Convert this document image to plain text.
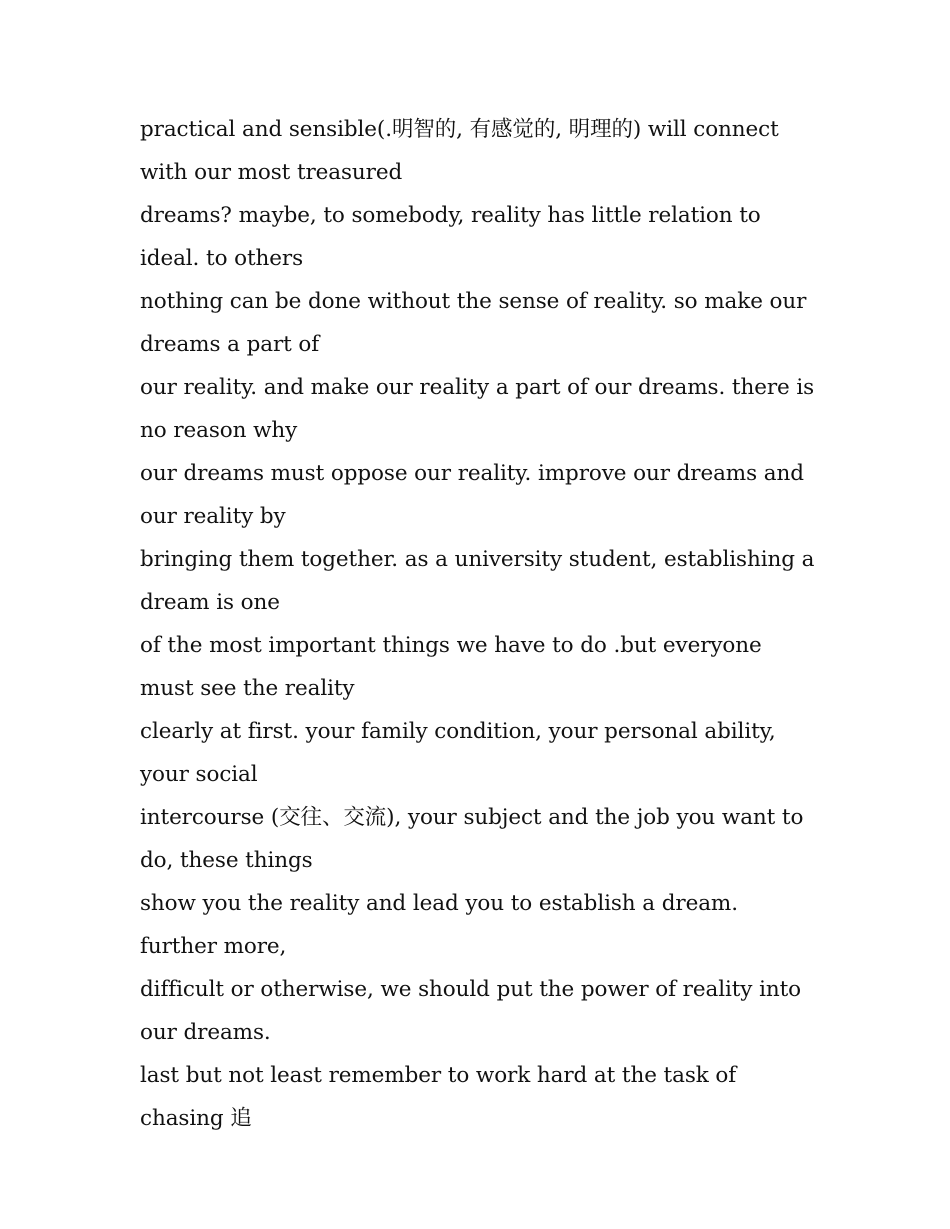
practical and sensible(.明智的, 有感觉的, 明理的) will connect with our most treasured

dreams? maybe, to somebody, reality has little relation to ideal. to others

nothing can be done without the sense of reality. so make our dreams a part of

our reality. and make our reality a part of our dreams. there is no reason why

our dreams must oppose our reality. improve our dreams and our reality by

bringing them together. as a university student, establishing a dream is one

of the most important things we have to do .but everyone must see the reality

clearly at first. your family condition, your personal ability, your social

intercourse (交往、交流), your subject and the job you want to do, these things

show you the reality and lead you to establish a dream. further more,

difficult or otherwise, we should put the power of reality into our dreams.

last but not least remember to work hard at the task of chasing 追
